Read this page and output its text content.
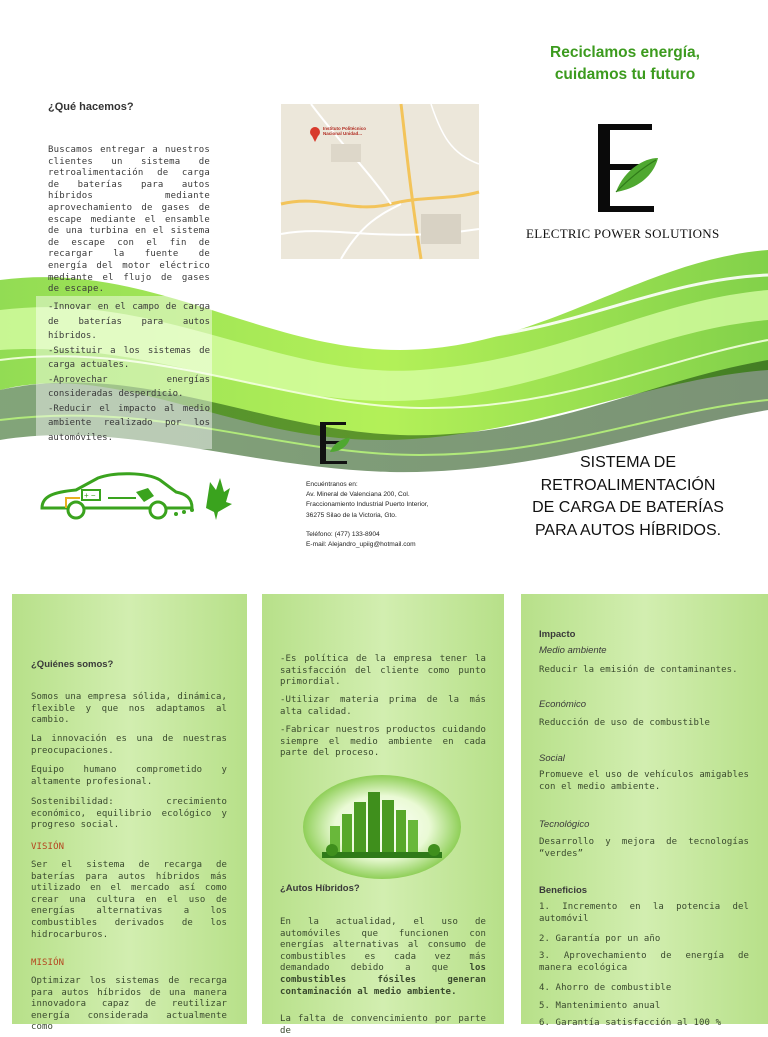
¿Qué hacemos?

Buscamos entregar a nuestros clientes un sistema de retroalimentación de carga de baterías para autos híbridos mediante aprovechamiento de gases de escape mediante el ensamble de una turbina en el sistema de escape con el fin de recargar la fuente de energía del motor eléctrico mediante el flujo de gases de escape.

-Innovar en el campo de carga de baterías para autos híbridos.

-Sustituir a los sistemas de carga actuales.

-Aprovechar energías consideradas desperdicio.

-Reducir el impacto al medio ambiente realizado por los automóviles.

+ −
Instituto Politécnico Nacional Unidad...
Encuéntranos en:
Av. Mineral de Valenciana 200, Col.
Fraccionamiento Industrial Puerto Interior,
36275 Silao de la Victoria, Gto.
Teléfono: (477) 133-8904
E-mail: Alejandro_upiig@hotmail.com
Reciclamos energía,
cuidamos tu futuro
ELECTRIC POWER SOLUTIONS
SISTEMA DE
RETROALIMENTACIÓN
DE CARGA DE BATERÍAS
PARA AUTOS HÍBRIDOS.
¿Quiénes somos?

Somos una empresa sólida, dinámica, flexible y que nos adaptamos al cambio.

La innovación es una de nuestras preocupaciones.

Equipo humano comprometido y altamente profesional.

Sostenibilidad: crecimiento económico, equilibrio ecológico y progreso social.

VISIÓN

Ser el sistema de recarga de baterías para autos híbridos más utilizado en el mercado así como crear una cultura en el uso de energías alternativas a los combustibles derivados de los hidrocarburos.

MISIÓN

Optimizar los sistemas de recarga para autos híbridos de una manera innovadora capaz de reutilizar energía considerada actualmente como

-Es política de la empresa tener la satisfacción del cliente como punto primordial.

-Utilizar materia prima de la más alta calidad.

-Fabricar nuestros productos cuidando siempre el medio ambiente en cada parte del proceso.

¿Autos Híbridos?

En la actualidad, el uso de automóviles que funcionen con energías alternativas al consumo de combustibles es cada vez más demandado debido a que los combustibles fósiles generan contaminación al medio ambiente.

La falta de convencimiento por parte de

Impacto
Medio ambiente

Reducir la emisión de contaminantes.

Económico

Reducción de uso de combustible

Social

Promueve el uso de vehículos amigables con el medio ambiente.

Tecnológico

Desarrollo y mejora de tecnologías “verdes”

Beneficios

1. Incremento en la potencia del automóvil

2. Garantía por un año

3. Aprovechamiento de energía de manera ecológica

4. Ahorro de combustible

5. Mantenimiento anual

6. Garantía satisfacción al 100 %
